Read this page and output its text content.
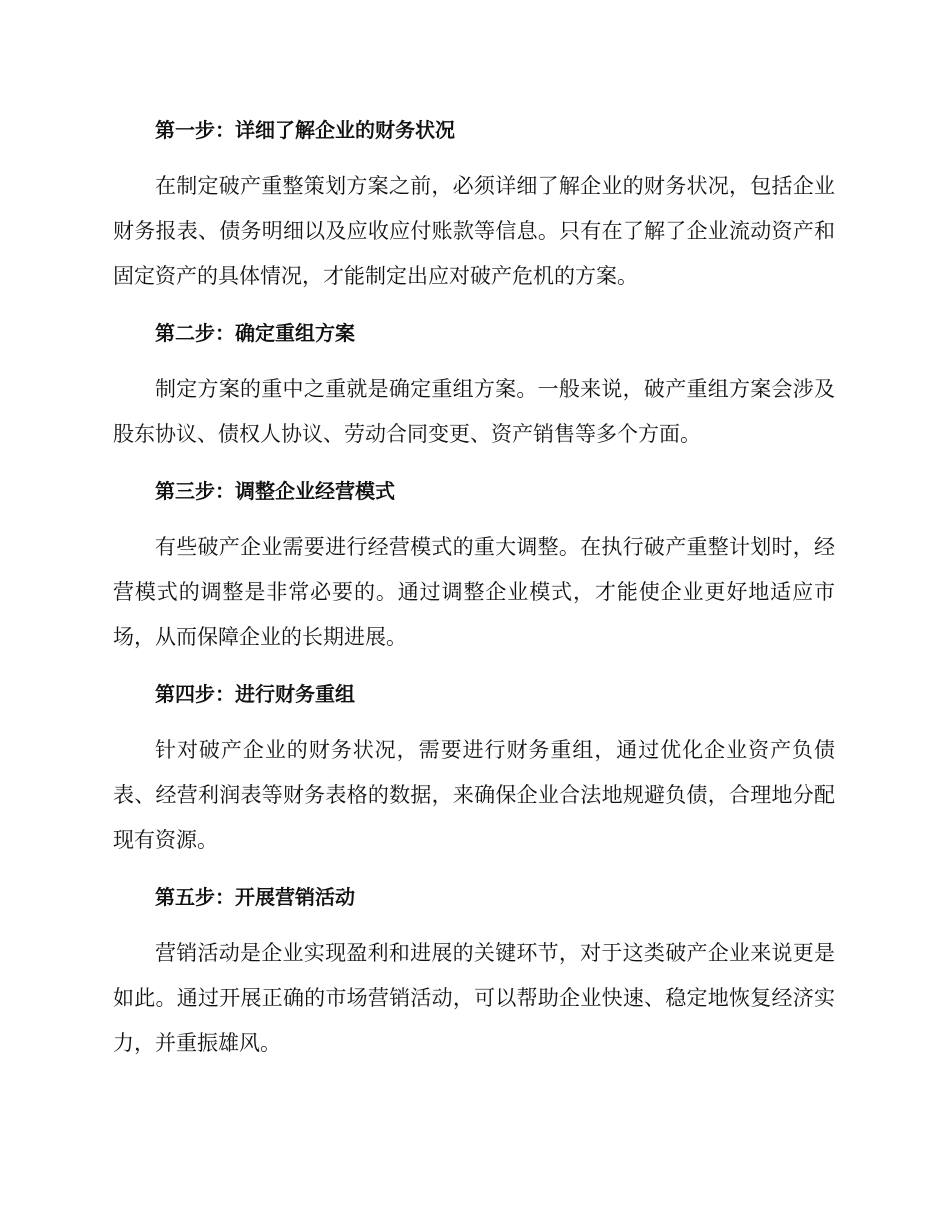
第一步：详细了解企业的财务状况

在制定破产重整策划方案之前，必须详细了解企业的财务状况，包括企业财务报表、债务明细以及应收应付账款等信息。只有在了解了企业流动资产和固定资产的具体情况，才能制定出应对破产危机的方案。

第二步：确定重组方案

制定方案的重中之重就是确定重组方案。一般来说，破产重组方案会涉及股东协议、债权人协议、劳动合同变更、资产销售等多个方面。

第三步：调整企业经营模式

有些破产企业需要进行经营模式的重大调整。在执行破产重整计划时，经营模式的调整是非常必要的。通过调整企业模式，才能使企业更好地适应市场，从而保障企业的长期进展。

第四步：进行财务重组

针对破产企业的财务状况，需要进行财务重组，通过优化企业资产负债表、经营利润表等财务表格的数据，来确保企业合法地规避负债，合理地分配现有资源。

第五步：开展营销活动

营销活动是企业实现盈利和进展的关键环节，对于这类破产企业来说更是如此。通过开展正确的市场营销活动，可以帮助企业快速、稳定地恢复经济实力，并重振雄风。
